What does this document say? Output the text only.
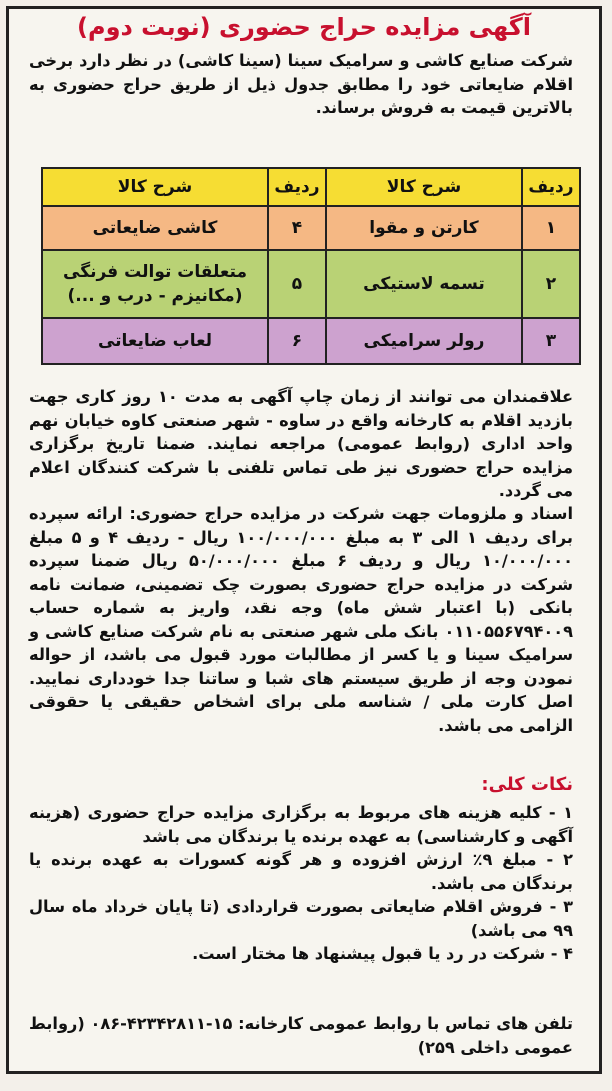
آگهی مزایده حراج حضوری (نوبت دوم)
شرکت صنایع کاشی و سرامیک سینا (سینا کاشی) در نظر دارد برخی اقلام ضایعاتی خود را مطابق جدول ذیل از طریق حراج حضوری به بالاترین قیمت به فروش برساند.
ردیف	شرح کالا	ردیف	شرح کالا
۱	کارتن و مقوا	۴	کاشی ضایعاتی
۲	تسمه لاستیکی	۵	متعلقات توالت فرنگی (مکانیزم - درب و ...)
۳	رولر سرامیکی	۶	لعاب ضایعاتی
علاقمندان می توانند از زمان چاپ آگهی به مدت ۱۰ روز کاری جهت بازدید اقلام به کارخانه واقع در ساوه - شهر صنعتی کاوه خیابان نهم واحد اداری (روابط عمومی) مراجعه نمایند. ضمنا تاریخ برگزاری مزایده حراج حضوری نیز طی تماس تلفنی با شرکت کنندگان اعلام می گردد.
اسناد و ملزومات جهت شرکت در مزایده حراج حضوری: ارائه سپرده برای ردیف ۱ الی ۳ به مبلغ ۱۰۰/۰۰۰/۰۰۰ ریال - ردیف ۴ و ۵ مبلغ ۱۰/۰۰۰/۰۰۰ ریال و ردیف ۶ مبلغ ۵۰/۰۰۰/۰۰۰ ریال ضمنا سپرده شرکت در مزایده حراج حضوری بصورت چک تضمینی، ضمانت نامه بانکی (با اعتبار شش ماه) وجه نقد، واریز به شماره حساب ۰۱۱۰۵۵۶۷۹۴۰۰۹ بانک ملی شهر صنعتی به نام شرکت صنایع کاشی و سرامیک سینا و یا کسر از مطالبات مورد قبول می باشد، از حواله نمودن وجه از طریق سیستم های شبا و ساتنا جدا خودداری نمایید. اصل کارت ملی / شناسه ملی برای اشخاص حقیقی یا حقوقی الزامی می باشد.
نکات کلی:
۱ - کلیه هزینه های مربوط به برگزاری مزایده حراج حضوری (هزینه آگهی و کارشناسی) به عهده برنده یا برندگان می باشد
۲ - مبلغ ۹٪ ارزش افزوده و هر گونه کسورات به عهده برنده یا برندگان می باشد.
۳ - فروش اقلام ضایعاتی بصورت قراردادی (تا پایان خرداد ماه سال ۹۹ می باشد)
۴ - شرکت در رد یا قبول پیشنهاد ها مختار است.
تلفن های تماس با روابط عمومی کارخانه: ۱۵-۴۲۳۴۲۸۱۱-۰۸۶ (روابط عمومی داخلی ۲۵۹)
